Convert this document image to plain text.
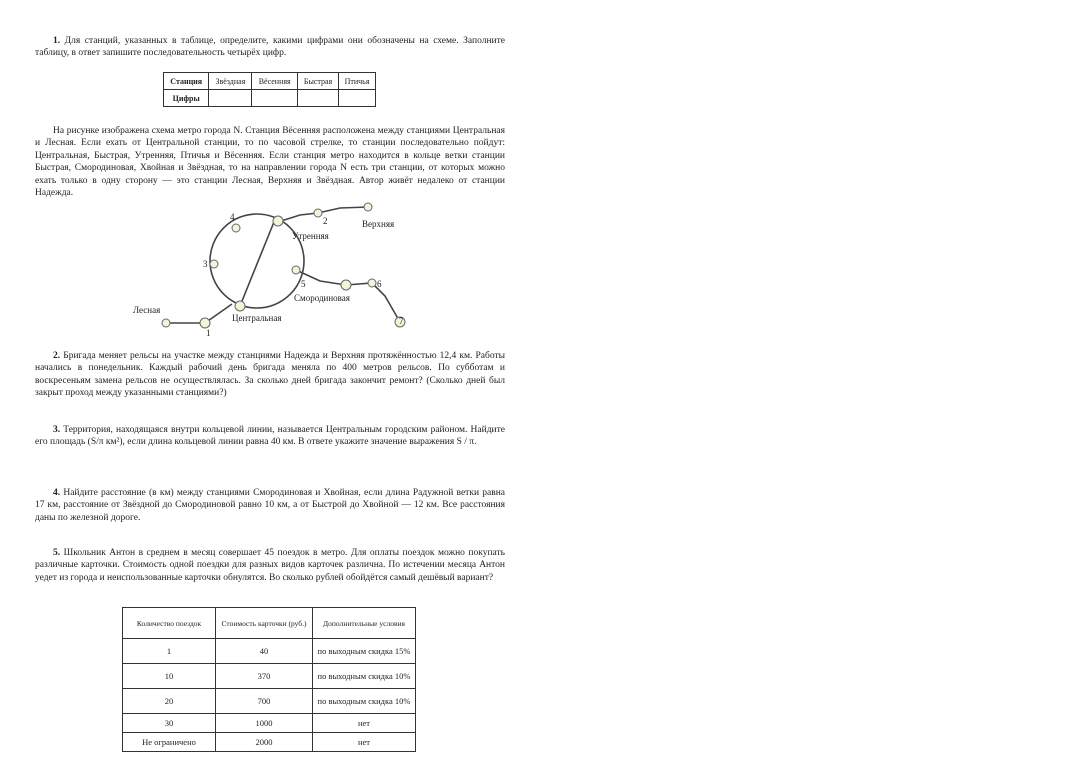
1. Для станций, указанных в таблице, определите, какими цифрами они обозначены на схеме. Заполните таблицу, в ответ запишите последовательность четырёх цифр.
Станция	Звёздная	Вёсенняя	Быстрая	Птичья
Цифры				
На рисунке изображена схема метро города N. Станция Вёсенняя расположена между станциями Центральная и Лесная. Если ехать от Центральной станции, то по часовой стрелке, то станции последовательно пойдут: Центральная, Быстрая, Утренняя, Птичья и Вёсенняя. Если станция метро находится в кольце ветки станции Быстрая, Смородиновая, Хвойная и Звёздная, то на направлении города N есть три станции, от которых можно ехать только в одну сторону — это станции Лесная, Верхняя и Звёздная. Автор живёт недалеко от станции Надежда.
Лесная
Центральная
Утренняя
Верхняя
Смородиновая
1
2
3
4
5	6
7
2. Бригада меняет рельсы на участке между станциями Надежда и Верхняя протяжённостью 12,4 км. Работы начались в понедельник. Каждый рабочий день бригада меняла по 400 метров рельсов. По субботам и воскресеньям замена рельсов не осуществлялась. За сколько дней бригада закончит ремонт? (Сколько дней был закрыт проход между указанными станциями?)
3. Территория, находящаяся внутри кольцевой линии, называется Центральным городским районом. Найдите его площадь (S/π км²), если длина кольцевой линии равна 40 км. В ответе укажите значение выражения S / π.
4. Найдите расстояние (в км) между станциями Смородиновая и Хвойная, если длина Радужной ветки равна 17 км, расстояние от Звёздной до Смородиновой равно 10 км, а от Быстрой до Хвойной — 12 км. Все расстояния даны по железной дороге.
5. Школьник Антон в среднем в месяц совершает 45 поездок в метро. Для оплаты поездок можно покупать различные карточки. Стоимость одной поездки для разных видов карточек различна. По истечении месяца Антон уедет из города и неиспользованные карточки обнулятся. Во сколько рублей обойдётся самый дешёвый вариант?
Количество поездок	Стоимость карточки (руб.)	Дополнительные условия
1	40	по выходным скидка 15%
10	370	по выходным скидка 10%
20	700	по выходным скидка 10%
30	1000	нет
Не ограничено	2000	нет
